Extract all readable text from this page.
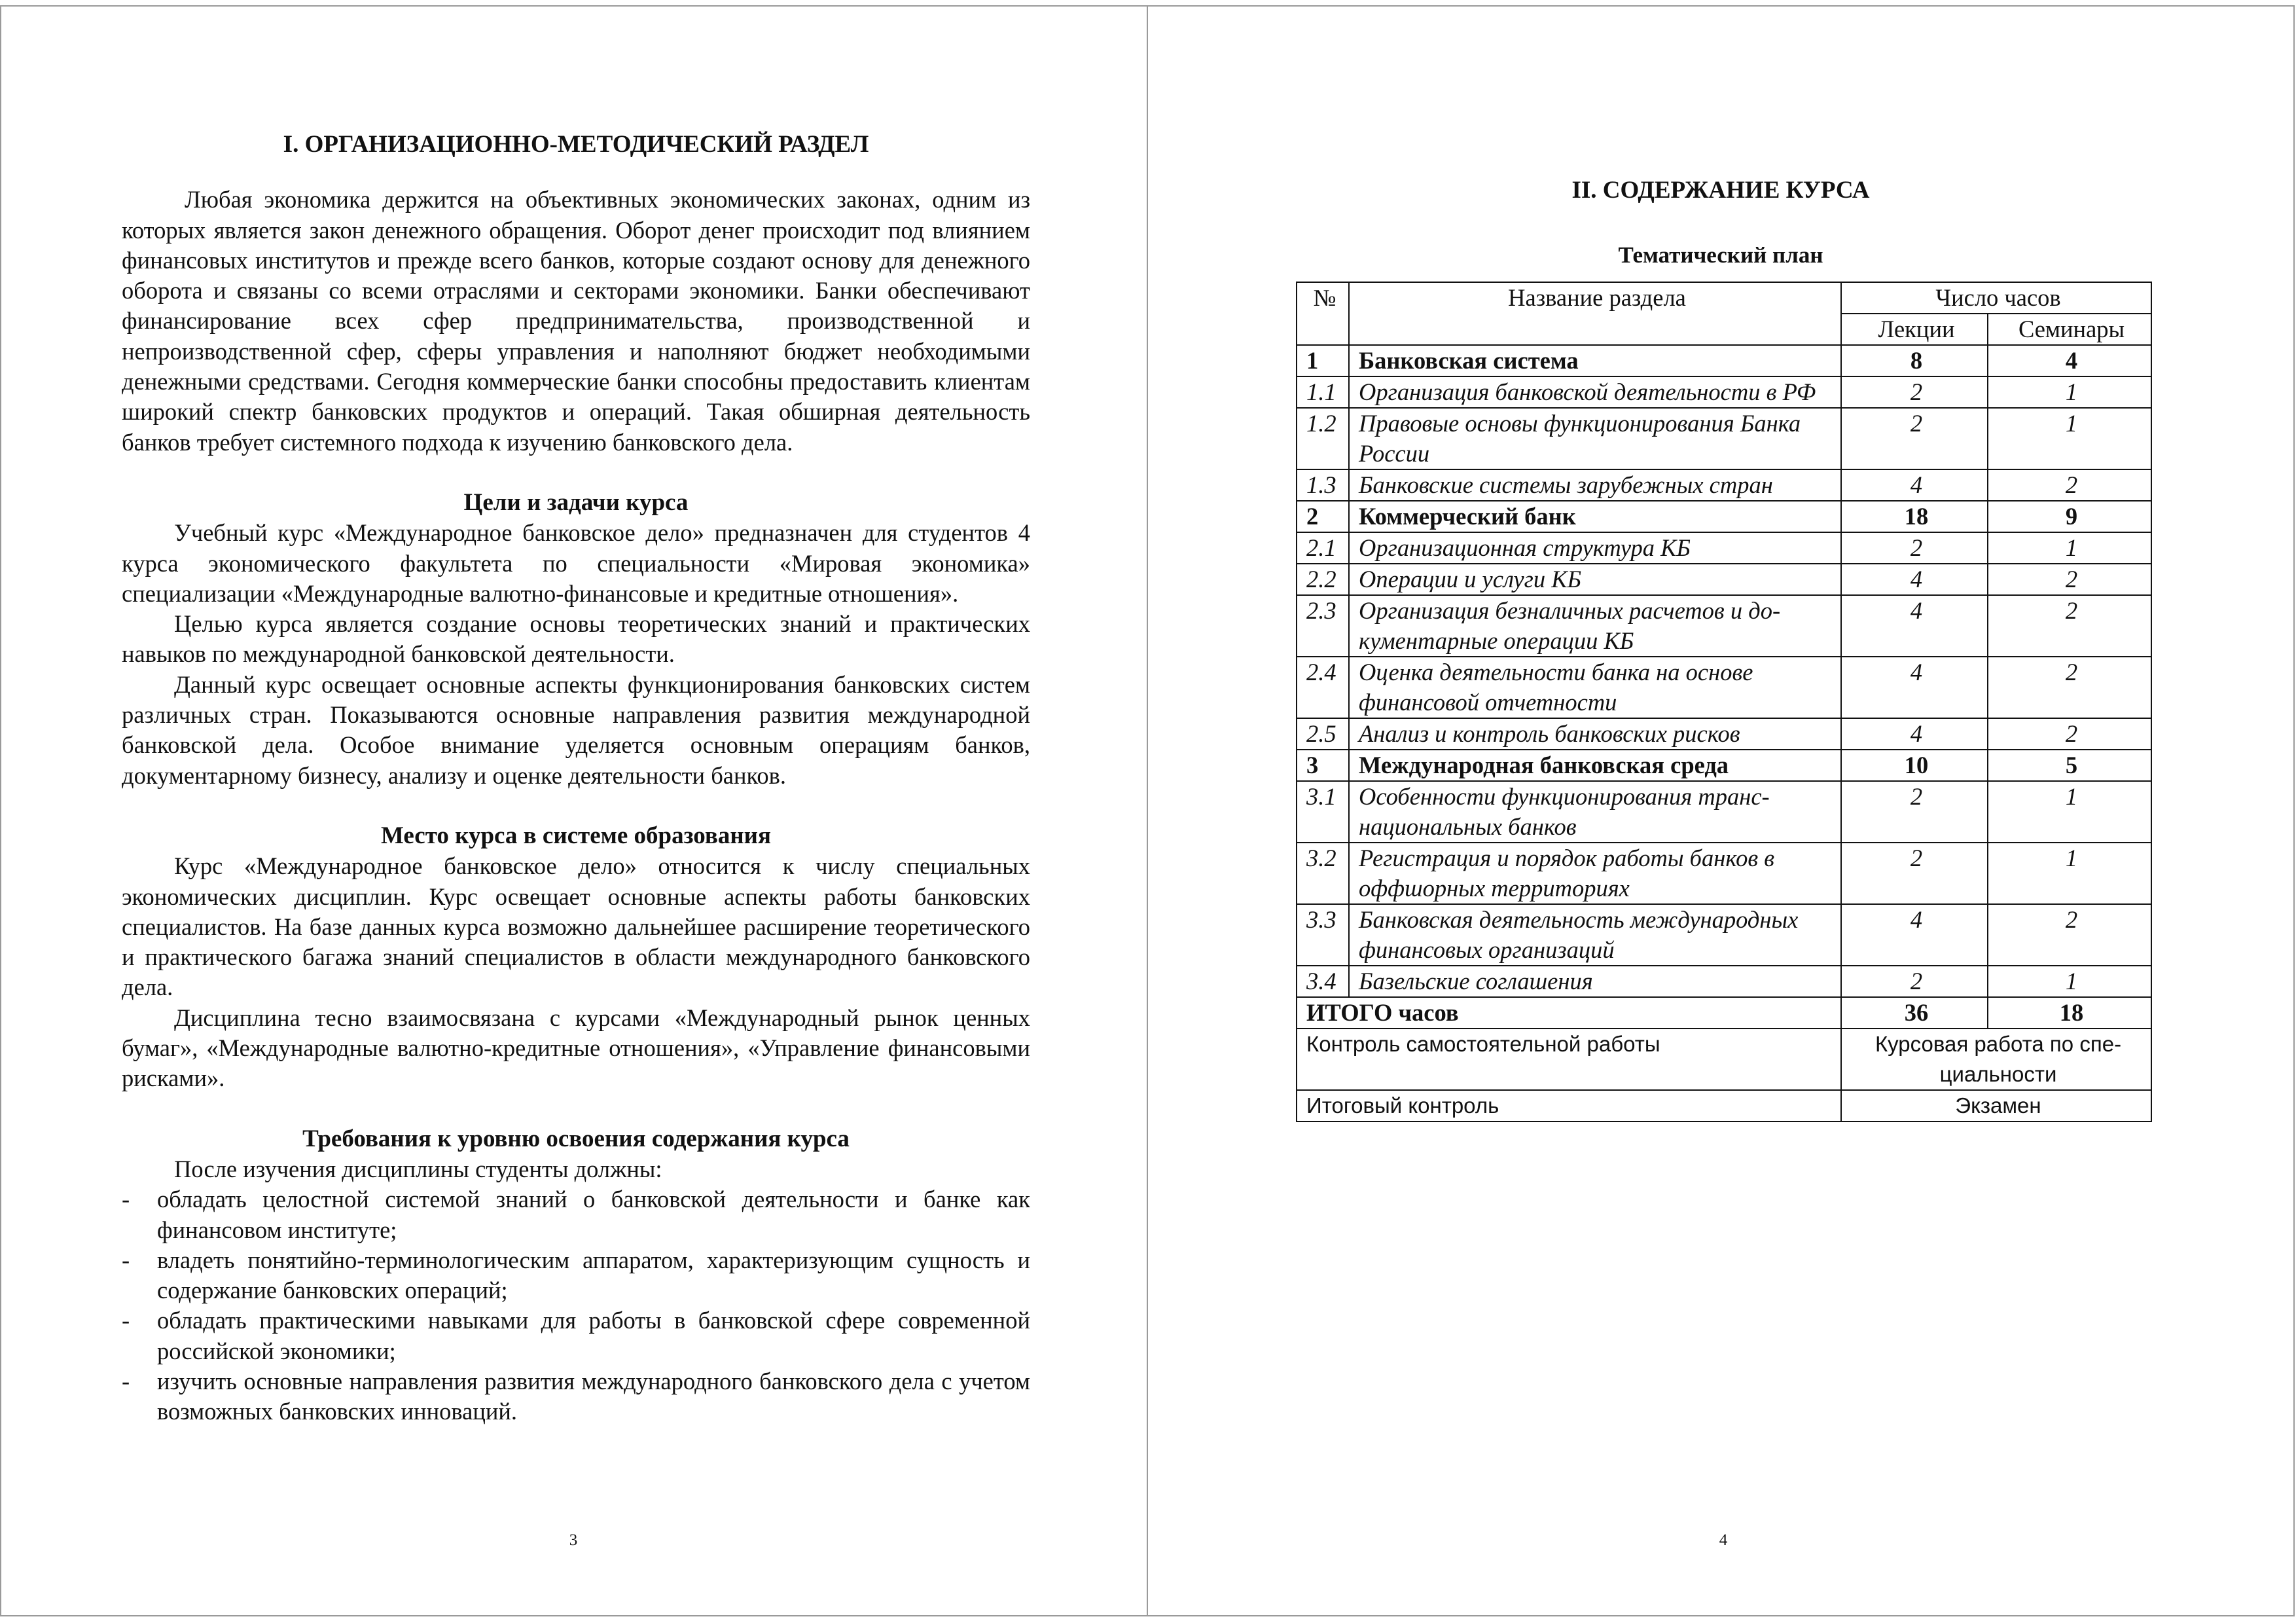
I. ОРГАНИЗАЦИОННО-МЕТОДИЧЕСКИЙ РАЗДЕЛ

Любая экономика держится на объективных экономических законах, одним из которых является закон денежного обращения. Оборот денег происходит под влиянием финансовых институтов и прежде всего банков, которые создают основу для денежного оборота и связаны со всеми отраслями и секторами экономики. Банки обеспечивают финансирование всех сфер предпринимательства, производственной и непроизводственной сфер, сферы управления и наполняют бюджет необходимыми денежными средствами. Сегодня коммерческие банки способны предоставить клиентам широкий спектр банковских продуктов и операций. Такая обширная деятельность банков требует системного подхода к изучению банковского дела.

Цели и задачи курса

Учебный курс «Международное банковское дело» предназначен для студентов 4 курса экономического факультета по специальности «Мировая экономика» специализации «Международные валютно-финансовые и кредитные отношения».

Целью курса является создание основы теоретических знаний и практических навыков по международной банковской деятельности.

Данный курс освещает основные аспекты функционирования банковских систем различных стран. Показываются основные направления развития международной банковской дела. Особое внимание уделяется основным операциям банков, документарному бизнесу, анализу и оценке деятельности банков.

Место курса в системе образования

Курс «Международное банковское дело» относится к числу специальных экономических дисциплин. Курс освещает основные аспекты работы банковских специалистов. На базе данных курса возможно дальнейшее расширение теоретического и практического багажа знаний специалистов в области международного банковского дела.

Дисциплина тесно взаимосвязана с курсами «Международный рынок ценных бумаг», «Международные валютно-кредитные отношения», «Управление финансовыми рисками».

Требования к уровню освоения содержания курса

После изучения дисциплины студенты должны:

- обладать целостной системой знаний о банковской деятельности и банке как финансовом институте;
- владеть понятийно-терминологическим аппаратом, характеризующим сущность и содержание банковских операций;
- обладать практическими навыками для работы в банковской сфере современной российской экономики;
- изучить основные направления развития международного банковского дела с учетом возможных банковских инноваций.
3
II. СОДЕРЖАНИЕ КУРСА
Тематический план
№	Название раздела	Число часов	
		Лекции	Семинары
1	Банковская система	8	4
1.1	Организация банковской деятельности в РФ	2	1
1.2	Правовые основы функционирования Банка России	2	1
1.3	Банковские системы зарубежных стран	4	2
2	Коммерческий банк	18	9
2.1	Организационная структура КБ	2	1
2.2	Операции и услуги КБ	4	2
2.3	Организация безналичных расчетов и документарные операции КБ	4	2
2.4	Оценка деятельности банка на основе финансовой отчетности	4	2
2.5	Анализ и контроль банковских рисков	4	2
3	Международная банковская среда	10	5
3.1	Особенности функционирования транснациональных банков	2	1
3.2	Регистрация и порядок работы банков в оффшорных территориях	2	1
3.3	Банковская деятельность международных финансовых организаций	4	2
3.4	Базельские соглашения	2	1
ИТОГО часов		36	18
Контроль самостоятельной работы		Курсовая работа по специальности	
Итоговый контроль		Экзамен	
4
